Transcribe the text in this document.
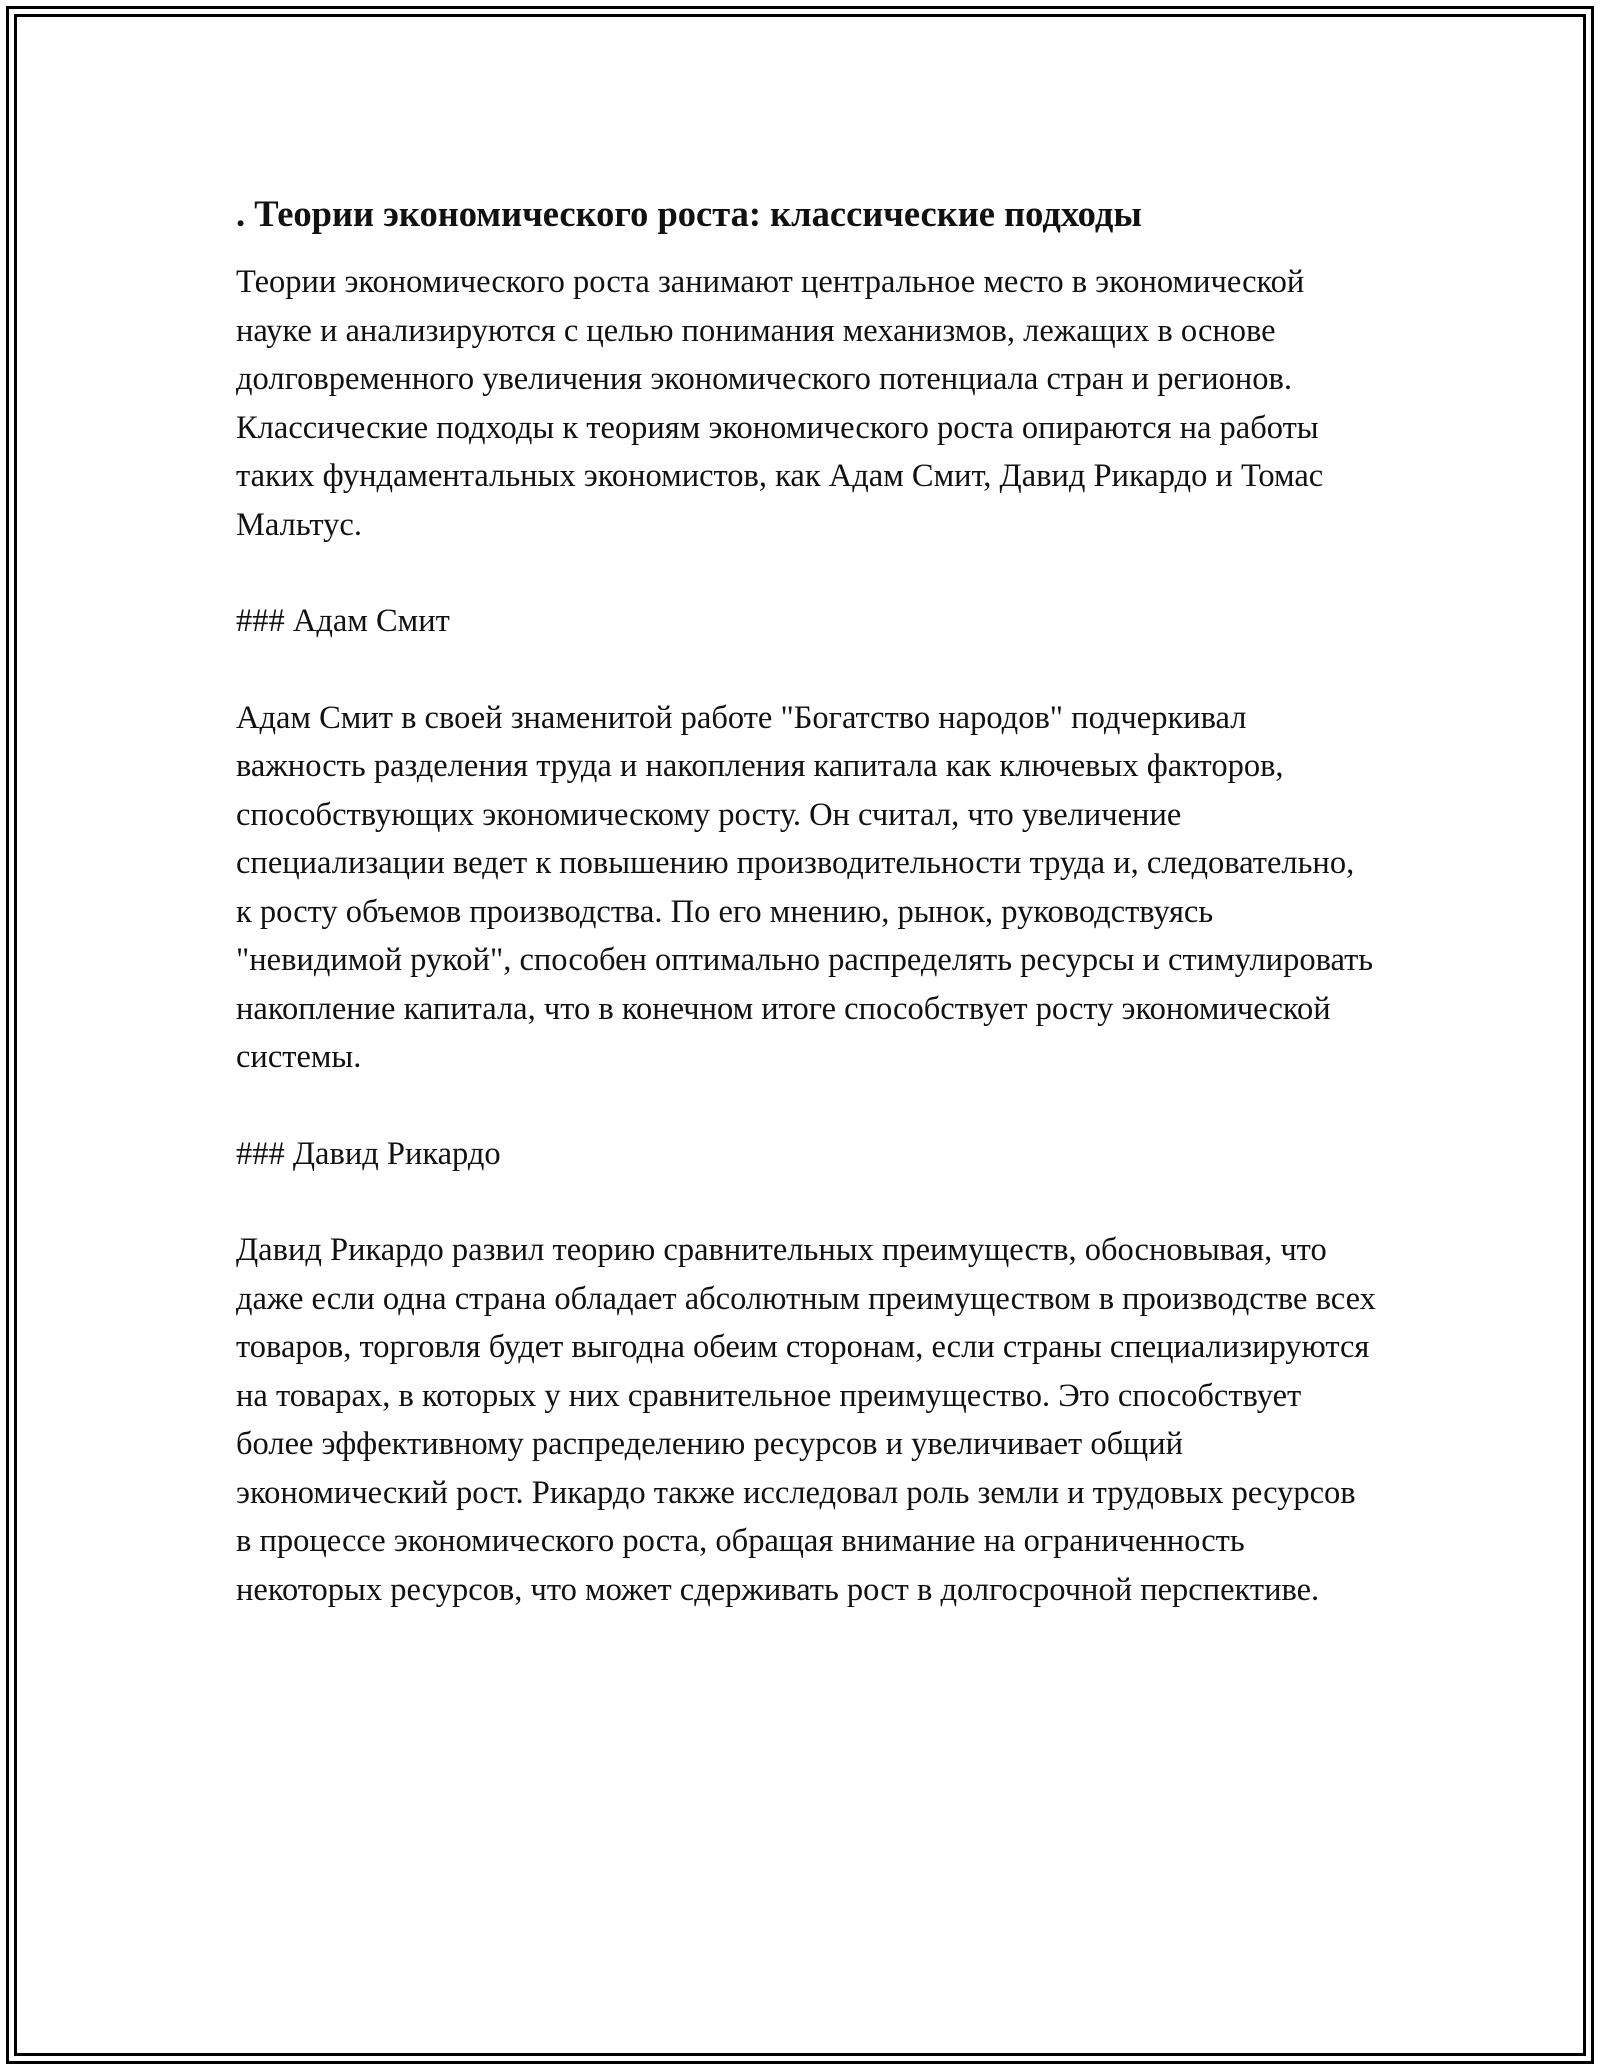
. Теории экономического роста: классические подходы

Теории экономического роста занимают центральное место в экономической науке и анализируются с целью понимания механизмов, лежащих в основе долговременного увеличения экономического потенциала стран и регионов. Классические подходы к теориям экономического роста опираются на работы таких фундаментальных экономистов, как Адам Смит, Давид Рикардо и Томас Мальтус.

### Адам Смит

Адам Смит в своей знаменитой работе "Богатство народов" подчеркивал важность разделения труда и накопления капитала как ключевых факторов, способствующих экономическому росту. Он считал, что увеличение специализации ведет к повышению производительности труда и, следовательно, к росту объемов производства. По его мнению, рынок, руководствуясь "невидимой рукой", способен оптимально распределять ресурсы и стимулировать накопление капитала, что в конечном итоге способствует росту экономической системы.

### Давид Рикардо

Давид Рикардо развил теорию сравнительных преимуществ, обосновывая, что даже если одна страна обладает абсолютным преимуществом в производстве всех товаров, торговля будет выгодна обеим сторонам, если страны специализируются на товарах, в которых у них сравнительное преимущество. Это способствует более эффективному распределению ресурсов и увеличивает общий экономический рост. Рикардо также исследовал роль земли и трудовых ресурсов в процессе экономического роста, обращая внимание на ограниченность некоторых ресурсов, что может сдерживать рост в долгосрочной перспективе.
